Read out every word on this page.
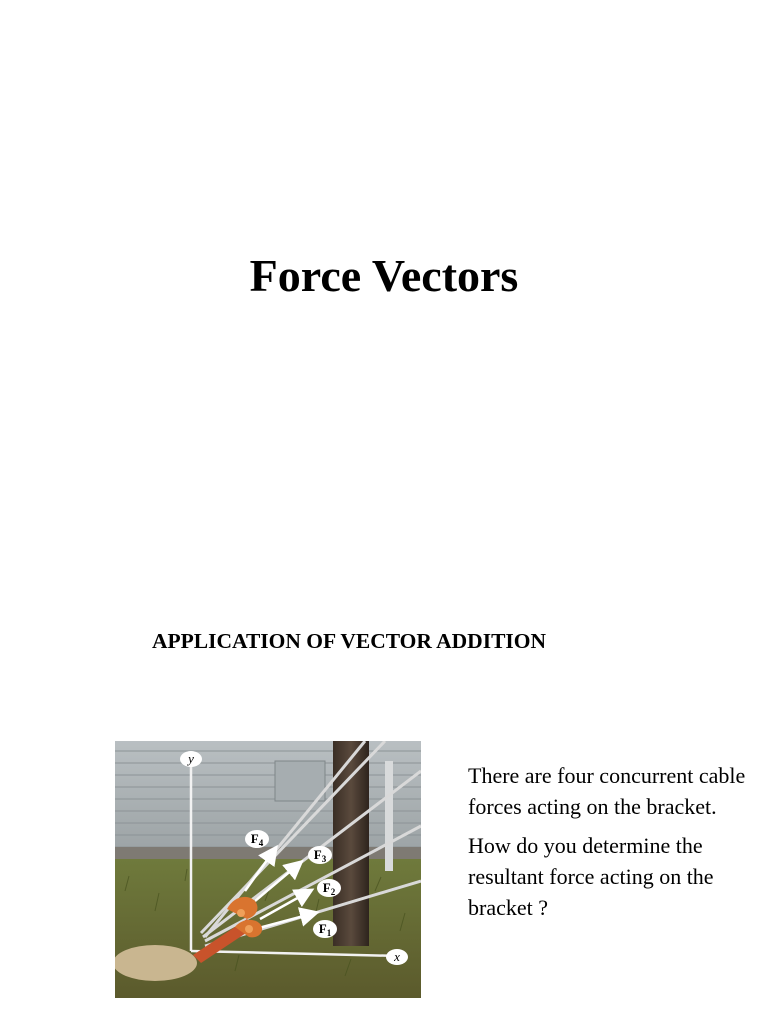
Force Vectors
APPLICATION OF VECTOR ADDITION
y
x
$F_4$
$F_3$
$F_2$
$F_1$

There are four concurrent cable forces acting on the bracket.

How do you determine the resultant force acting on the bracket ?
